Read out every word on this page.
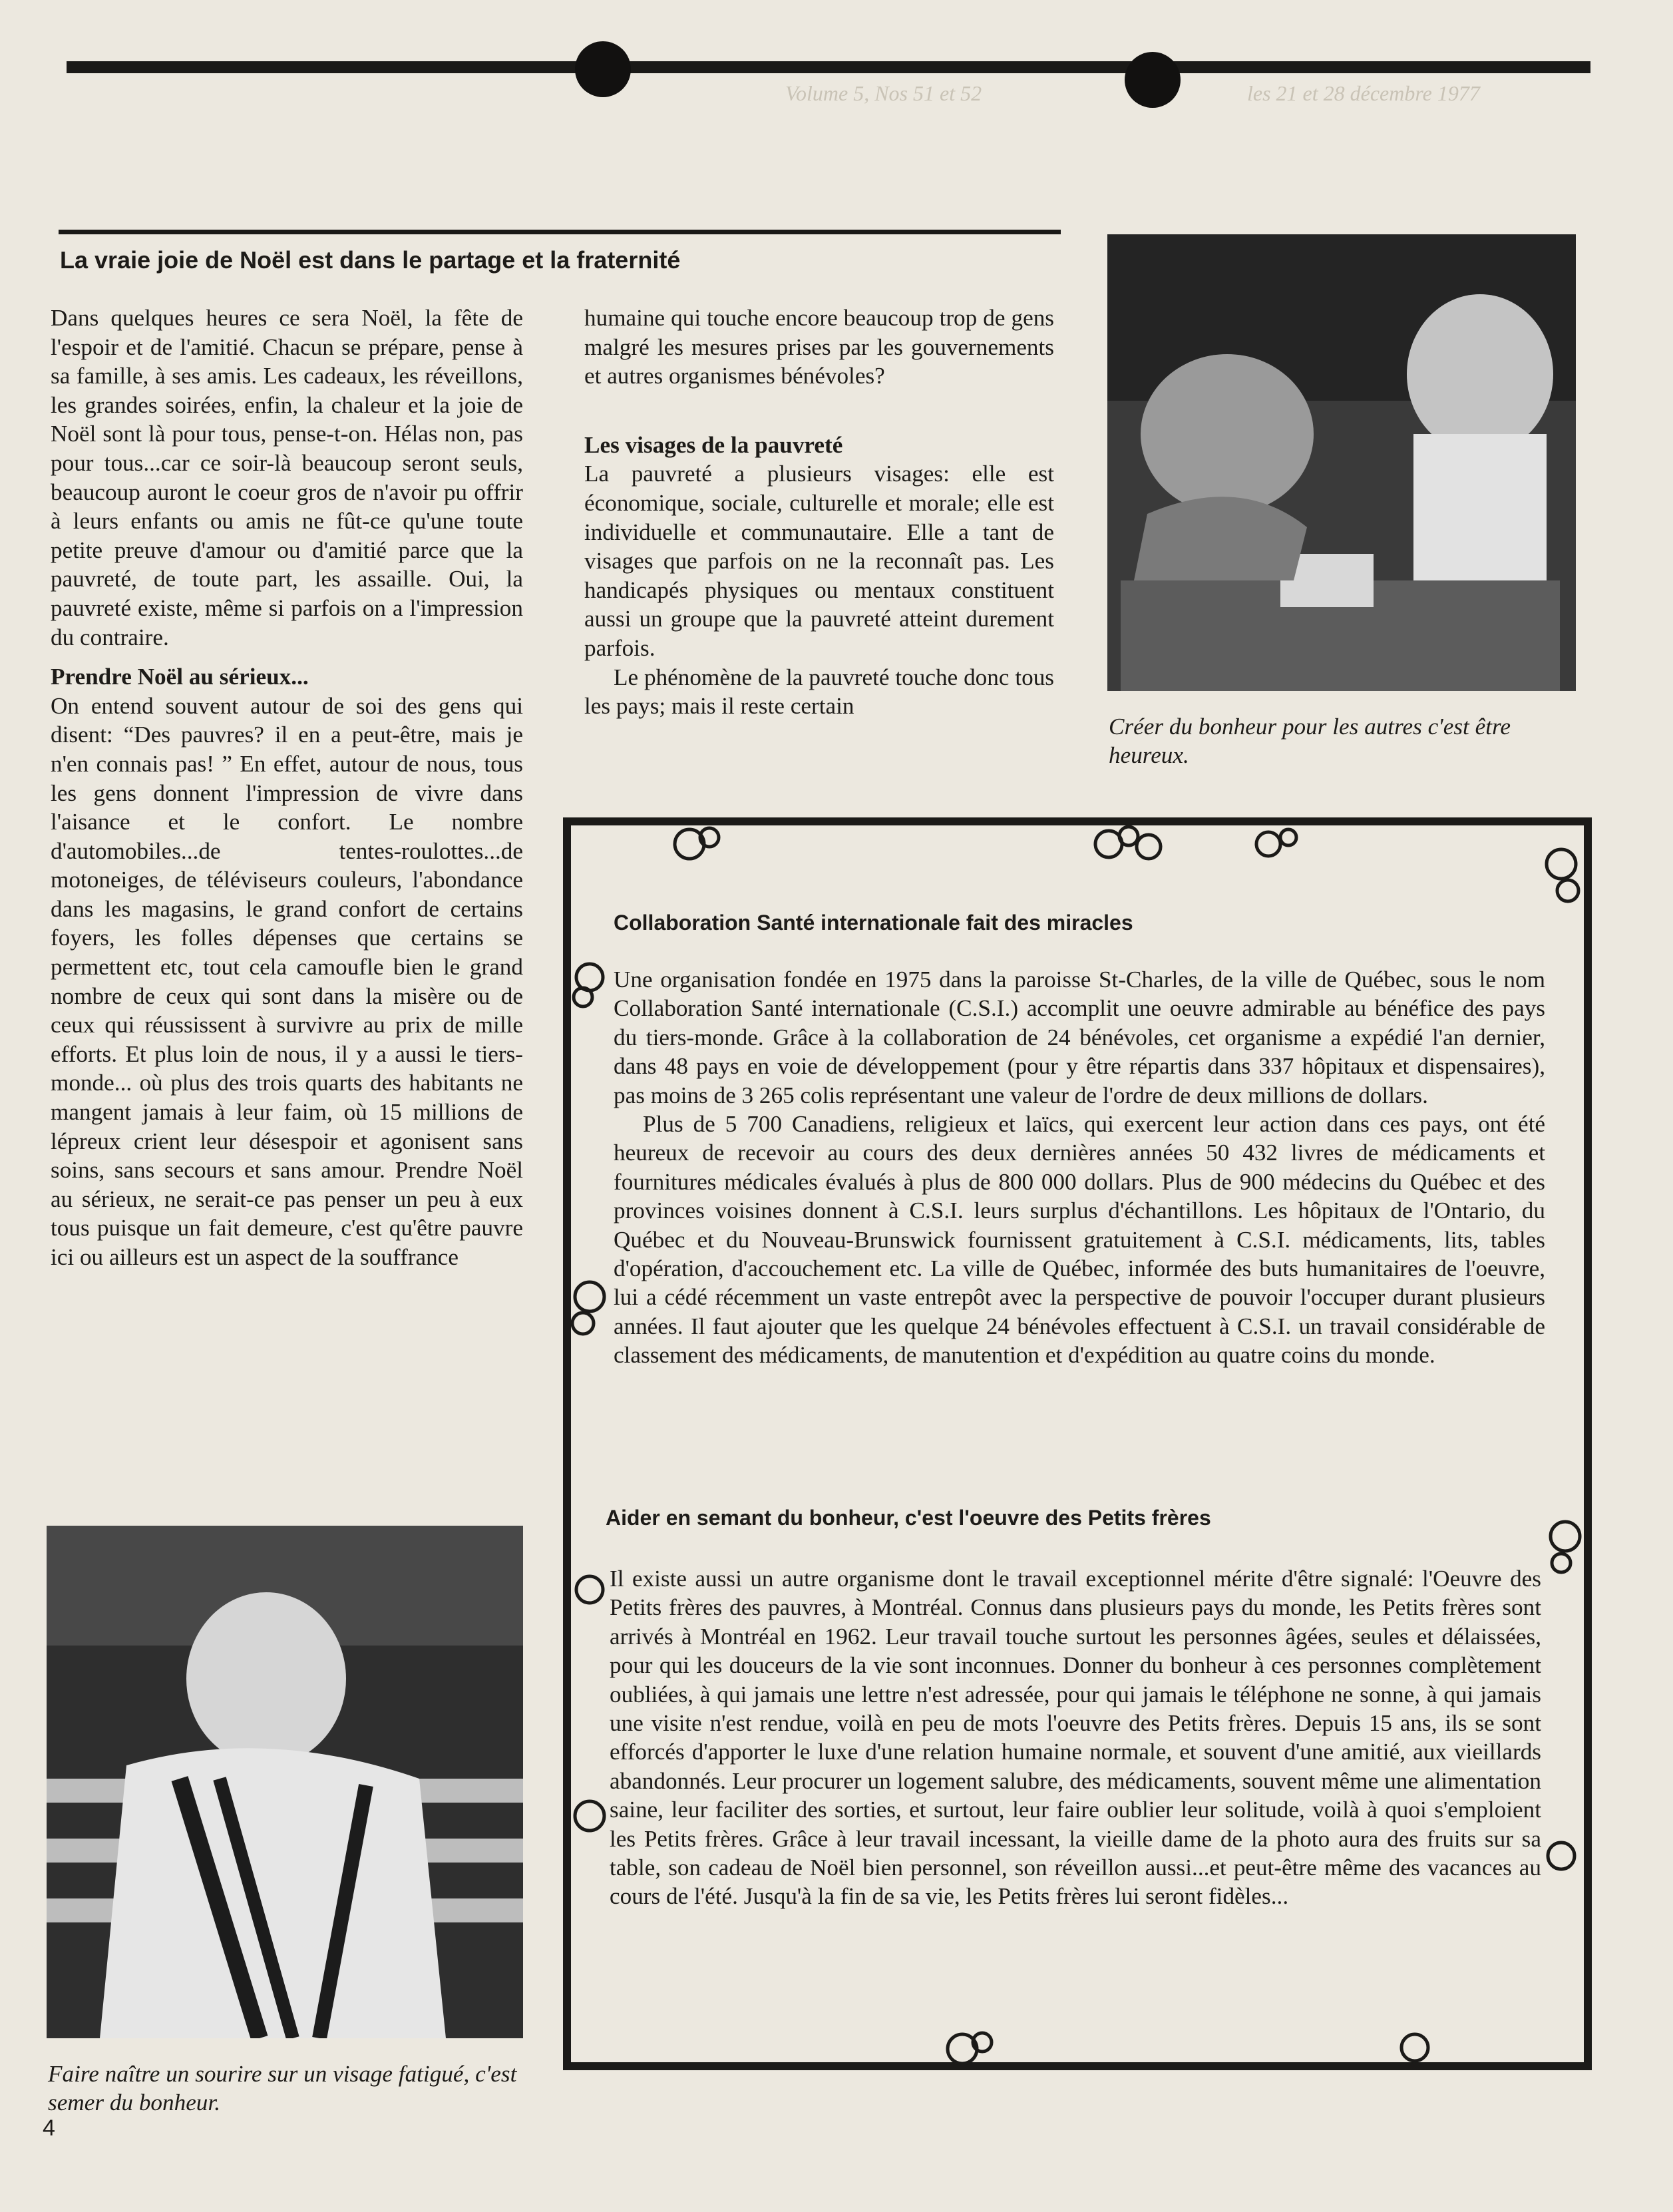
Volume 5, Nos 51 et 52	les 21 et 28 décembre 1977
La vraie joie de Noël est dans le partage et la fraternité

Dans quelques heures ce sera Noël, la fête de l'espoir et de l'amitié. Chacun se prépare, pense à sa famille, à ses amis. Les cadeaux, les réveillons, les grandes soirées, enfin, la chaleur et la joie de Noël sont là pour tous, pense-t-on. Hélas non, pas pour tous...car ce soir-là beaucoup seront seuls, beaucoup auront le coeur gros de n'avoir pu offrir à leurs enfants ou amis ne fût-ce qu'une toute petite preuve d'amour ou d'amitié parce que la pauvreté, de toute part, les assaille. Oui, la pauvreté existe, même si parfois on a l'impression du contraire.

Prendre Noël au sérieux...

On entend souvent autour de soi des gens qui disent: “Des pauvres? il en a peut-être, mais je n'en connais pas! ” En effet, autour de nous, tous les gens donnent l'impression de vivre dans l'aisance et le confort. Le nombre d'automobiles...de tentes-roulottes...de motoneiges, de téléviseurs couleurs, l'abondance dans les magasins, le grand confort de certains foyers, les folles dépenses que certains se permettent etc, tout cela camoufle bien le grand nombre de ceux qui sont dans la misère ou de ceux qui réussissent à survivre au prix de mille efforts. Et plus loin de nous, il y a aussi le tiers-monde... où plus des trois quarts des habitants ne mangent jamais à leur faim, où 15 millions de lépreux crient leur désespoir et agonisent sans soins, sans secours et sans amour. Prendre Noël au sérieux, ne serait-ce pas penser un peu à eux tous puisque un fait demeure, c'est qu'être pauvre ici ou ailleurs est un aspect de la souffrance

humaine qui touche encore beaucoup trop de gens malgré les mesures prises par les gouvernements et autres organismes bénévoles?

Les visages de la pauvreté

La pauvreté a plusieurs visages: elle est économique, sociale, culturelle et morale; elle est individuelle et communautaire. Elle a tant de visages que parfois on ne la reconnaît pas. Les handicapés physiques ou mentaux constituent aussi un groupe que la pauvreté atteint durement parfois.

Le phénomène de la pauvreté touche donc tous les pays; mais il reste certain

Créer du bonheur pour les autres c'est être heureux.
Faire naître un sourire sur un visage fatigué, c'est semer du bonheur.
Collaboration Santé internationale fait des miracles

Une organisation fondée en 1975 dans la paroisse St-Charles, de la ville de Québec, sous le nom Collaboration Santé internationale (C.S.I.) accomplit une oeuvre admirable au bénéfice des pays du tiers-monde. Grâce à la collaboration de 24 bénévoles, cet organisme a expédié l'an dernier, dans 48 pays en voie de développement (pour y être répartis dans 337 hôpitaux et dispensaires), pas moins de 3 265 colis représentant une valeur de l'ordre de deux millions de dollars.

Plus de 5 700 Canadiens, religieux et laïcs, qui exercent leur action dans ces pays, ont été heureux de recevoir au cours des deux dernières années 50 432 livres de médicaments et fournitures médicales évalués à plus de 800 000 dollars. Plus de 900 médecins du Québec et des provinces voisines donnent à C.S.I. leurs surplus d'échantillons. Les hôpitaux de l'Ontario, du Québec et du Nouveau-Brunswick fournissent gratuitement à C.S.I. médicaments, lits, tables d'opération, d'accouchement etc. La ville de Québec, informée des buts humanitaires de l'oeuvre, lui a cédé récemment un vaste entrepôt avec la perspective de pouvoir l'occuper durant plusieurs années. Il faut ajouter que les quelque 24 bénévoles effectuent à C.S.I. un travail considérable de classement des médicaments, de manutention et d'expédition au quatre coins du monde.

Aider en semant du bonheur, c'est l'oeuvre des Petits frères

Il existe aussi un autre organisme dont le travail exceptionnel mérite d'être signalé: l'Oeuvre des Petits frères des pauvres, à Montréal. Connus dans plusieurs pays du monde, les Petits frères sont arrivés à Montréal en 1962. Leur travail touche surtout les personnes âgées, seules et délaissées, pour qui les douceurs de la vie sont inconnues. Donner du bonheur à ces personnes complètement oubliées, à qui jamais une lettre n'est adressée, pour qui jamais le téléphone ne sonne, à qui jamais une visite n'est rendue, voilà en peu de mots l'oeuvre des Petits frères. Depuis 15 ans, ils se sont efforcés d'apporter le luxe d'une relation humaine normale, et souvent d'une amitié, aux vieillards abandonnés. Leur procurer un logement salubre, des médicaments, souvent même une alimentation saine, leur faciliter des sorties, et surtout, leur faire oublier leur solitude, voilà à quoi s'emploient les Petits frères. Grâce à leur travail incessant, la vieille dame de la photo aura des fruits sur sa table, son cadeau de Noël bien personnel, son réveillon aussi...et peut-être même des vacances au cours de l'été. Jusqu'à la fin de sa vie, les Petits frères lui seront fidèles...

4
